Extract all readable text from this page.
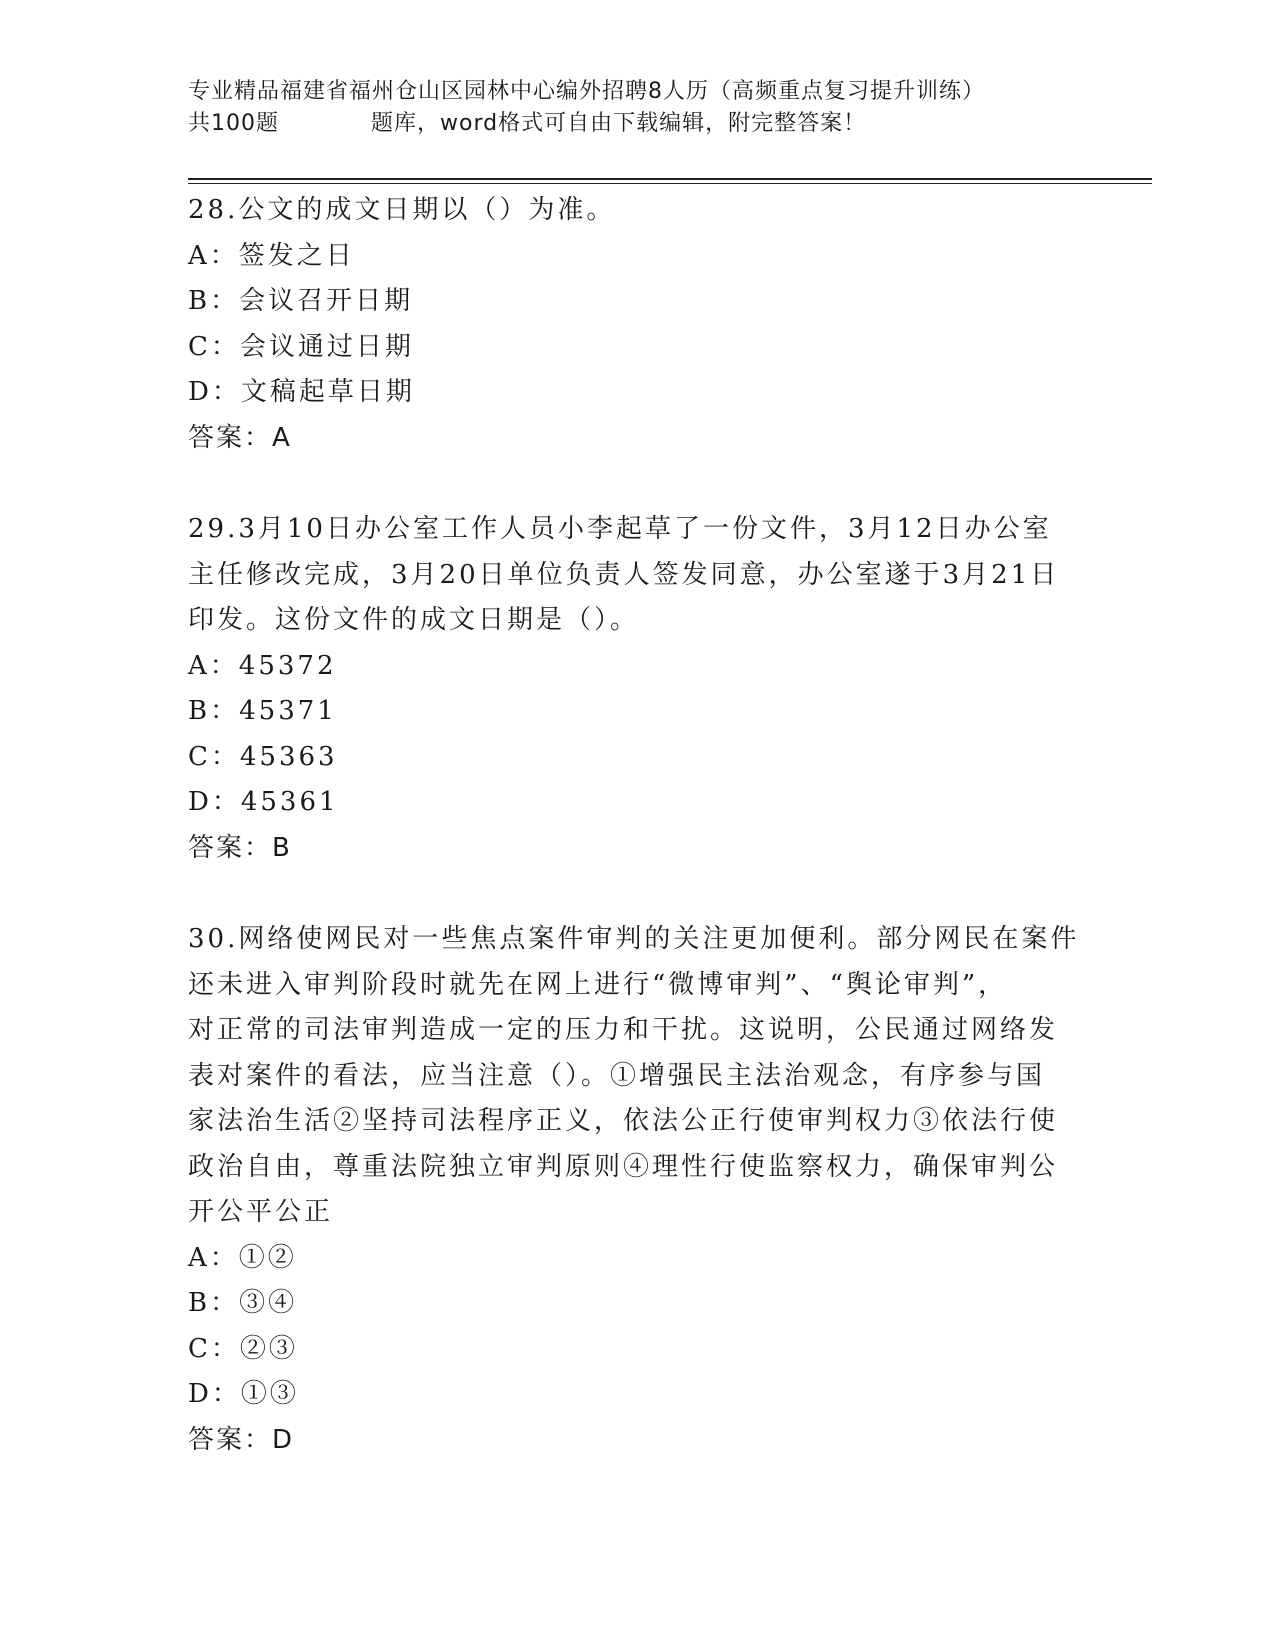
专业精品福建省福州仓山区园林中心编外招聘8人历（高频重点复习提升训练）
共100题	题库，word格式可自由下载编辑，附完整答案！
28.公文的成文日期以（）为准。
A：签发之日
B：会议召开日期
C：会议通过日期
D：文稿起草日期
答案：A
29.3月10日办公室工作人员小李起草了一份文件，3月12日办公室
主任修改完成，3月20日单位负责人签发同意，办公室遂于3月21日
印发。这份文件的成文日期是（）。
A：45372
B：45371
C：45363
D：45361
答案：B
30.网络使网民对一些焦点案件审判的关注更加便利。部分网民在案件
还未进入审判阶段时就先在网上进行“微博审判”、“舆论审判”，
对正常的司法审判造成一定的压力和干扰。这说明，公民通过网络发
表对案件的看法，应当注意（）。①增强民主法治观念，有序参与国
家法治生活②坚持司法程序正义，依法公正行使审判权力③依法行使
政治自由，尊重法院独立审判原则④理性行使监察权力，确保审判公
开公平公正
A：①②
B：③④
C：②③
D：①③
答案：D
